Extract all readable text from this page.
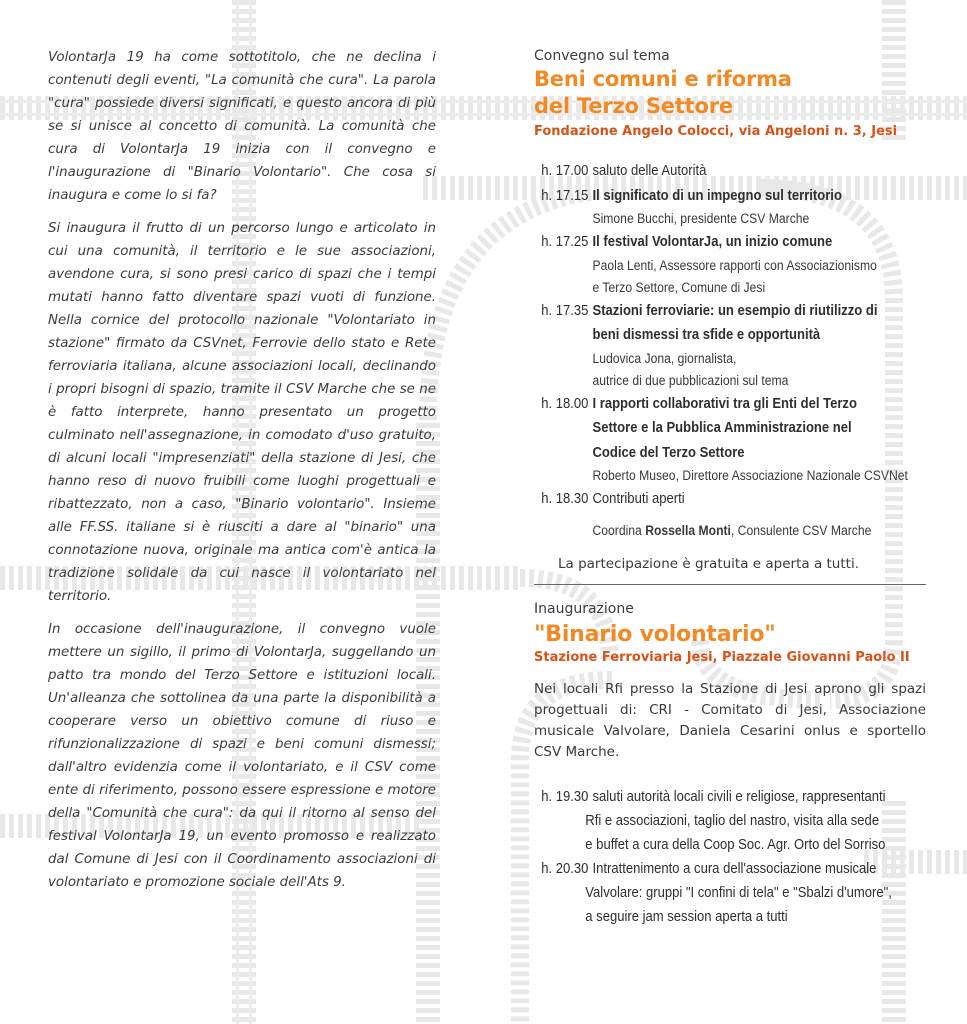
VolontarJa 19 ha come sottotitolo, che ne declina i contenuti degli eventi, "La comunità che cura". La parola "cura" possiede diversi significati, e questo ancora di più se si unisce al concetto di comunità. La comunità che cura di VolontarJa 19 inizia con il convegno e l'inaugurazione di "Binario Volontario". Che cosa si inaugura e come lo si fa?

Si inaugura il frutto di un percorso lungo e articolato in cui una comunità, il territorio e le sue associazioni, avendone cura, si sono presi carico di spazi che i tempi mutati hanno fatto diventare spazi vuoti di funzione. Nella cornice del protocollo nazionale "Volontariato in stazione" firmato da CSVnet, Ferrovie dello stato e Rete ferroviaria italiana, alcune associazioni locali, declinando i propri bisogni di spazio, tramite il CSV Marche che se ne è fatto interprete, hanno presentato un progetto culminato nell'assegnazione, in comodato d'uso gratuito, di alcuni locali "impresenziati" della stazione di Jesi, che hanno reso di nuovo fruibili come luoghi progettuali e ribattezzato, non a caso, "Binario volontario". Insieme alle FF.SS. italiane si è riusciti a dare al "binario" una connotazione nuova, originale ma antica com'è antica la tradizione solidale da cui nasce il volontariato nel territorio.

In occasione dell'inaugurazione, il convegno vuole mettere un sigillo, il primo di VolontarJa, suggellando un patto tra mondo del Terzo Settore e istituzioni locali. Un'alleanza che sottolinea da una parte la disponibilità a cooperare verso un obiettivo comune di riuso e rifunzionalizzazione di spazi e beni comuni dismessi; dall'altro evidenzia come il volontariato, e il CSV come ente di riferimento, possono essere espressione e motore della "Comunità che cura": da qui il ritorno al senso del festival VolontarJa 19, un evento promosso e realizzato dal Comune di Jesi con il Coordinamento associazioni di volontariato e promozione sociale dell'Ats 9.

Convegno sul tema

Beni comuni e riforma
del Terzo Settore

Fondazione Angelo Colocci, via Angeloni n. 3, Jesi

h. 17.00 saluto delle Autorità
h. 17.15 Il significato di un impegno sul territorio
Simone Bucchi, presidente CSV Marche
h. 17.25 Il festival VolontarJa, un inizio comune
Paola Lenti, Assessore rapporti con Associazionismo
e Terzo Settore, Comune di Jesi
h. 17.35 Stazioni ferroviarie: un esempio di riutilizzo di beni dismessi tra sfide e opportunità
Ludovica Jona, giornalista,
autrice di due pubblicazioni sul tema
h. 18.00 I rapporti collaborativi tra gli Enti del Terzo Settore e la Pubblica Amministrazione nel Codice del Terzo Settore
Roberto Museo, Direttore Associazione Nazionale CSVNet
h. 18.30 Contributi aperti
Coordina Rossella Monti, Consulente CSV Marche

La partecipazione è gratuita e aperta a tutti.

Inaugurazione

"Binario volontario"

Stazione Ferroviaria Jesi, Piazzale Giovanni Paolo II

Nei locali Rfi presso la Stazione di Jesi aprono gli spazi progettuali di: CRI - Comitato di Jesi, Associazione musicale Valvolare, Daniela Cesarini onlus e sportello CSV Marche.

h. 19.30 saluti autorità locali civili e religiose, rappresentanti
Rfi e associazioni, taglio del nastro, visita alla sede
e buffet a cura della Coop Soc. Agr. Orto del Sorriso
h. 20.30 Intrattenimento a cura dell'associazione musicale
Valvolare: gruppi "I confini di tela" e "Sbalzi d'umore",
a seguire jam session aperta a tutti
